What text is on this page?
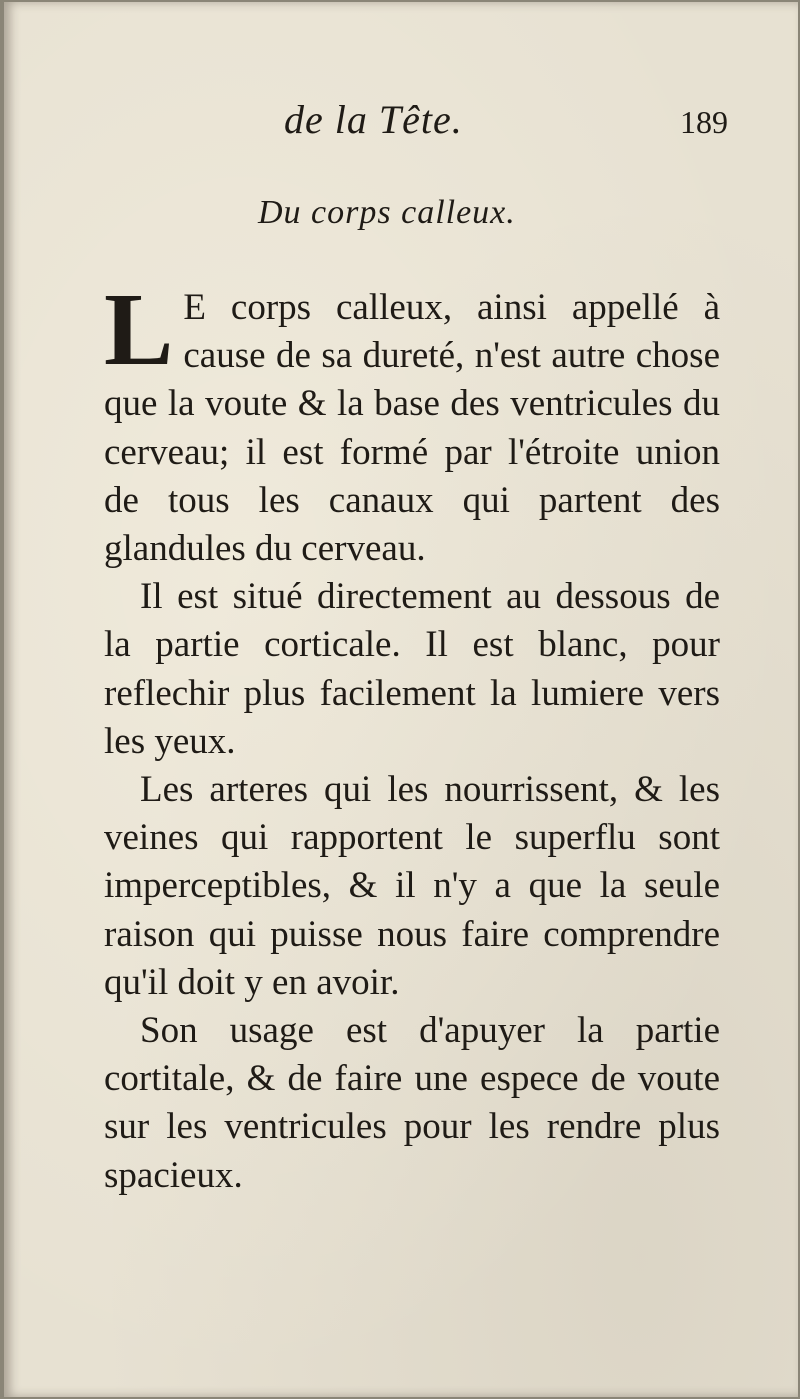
de la Tête.	189
Du corps calleux.

L E corps calleux, ainsi appellé à cause de sa dureté, n'est autre chose que la voute & la base des ventricules du cerveau; il est formé par l'étroite union de tous les canaux qui partent des glandules du cerveau.

Il est situé directement au dessous de la partie corticale. Il est blanc, pour reflechir plus facilement la lumiere vers les yeux.

Les arteres qui les nourrissent, & les veines qui rapportent le superflu sont imperceptibles, & il n'y a que la seule raison qui puisse nous faire comprendre qu'il doit y en avoir.

Son usage est d'apuyer la partie cortitale, & de faire une espece de voute sur les ventricules pour les rendre plus spacieux.
